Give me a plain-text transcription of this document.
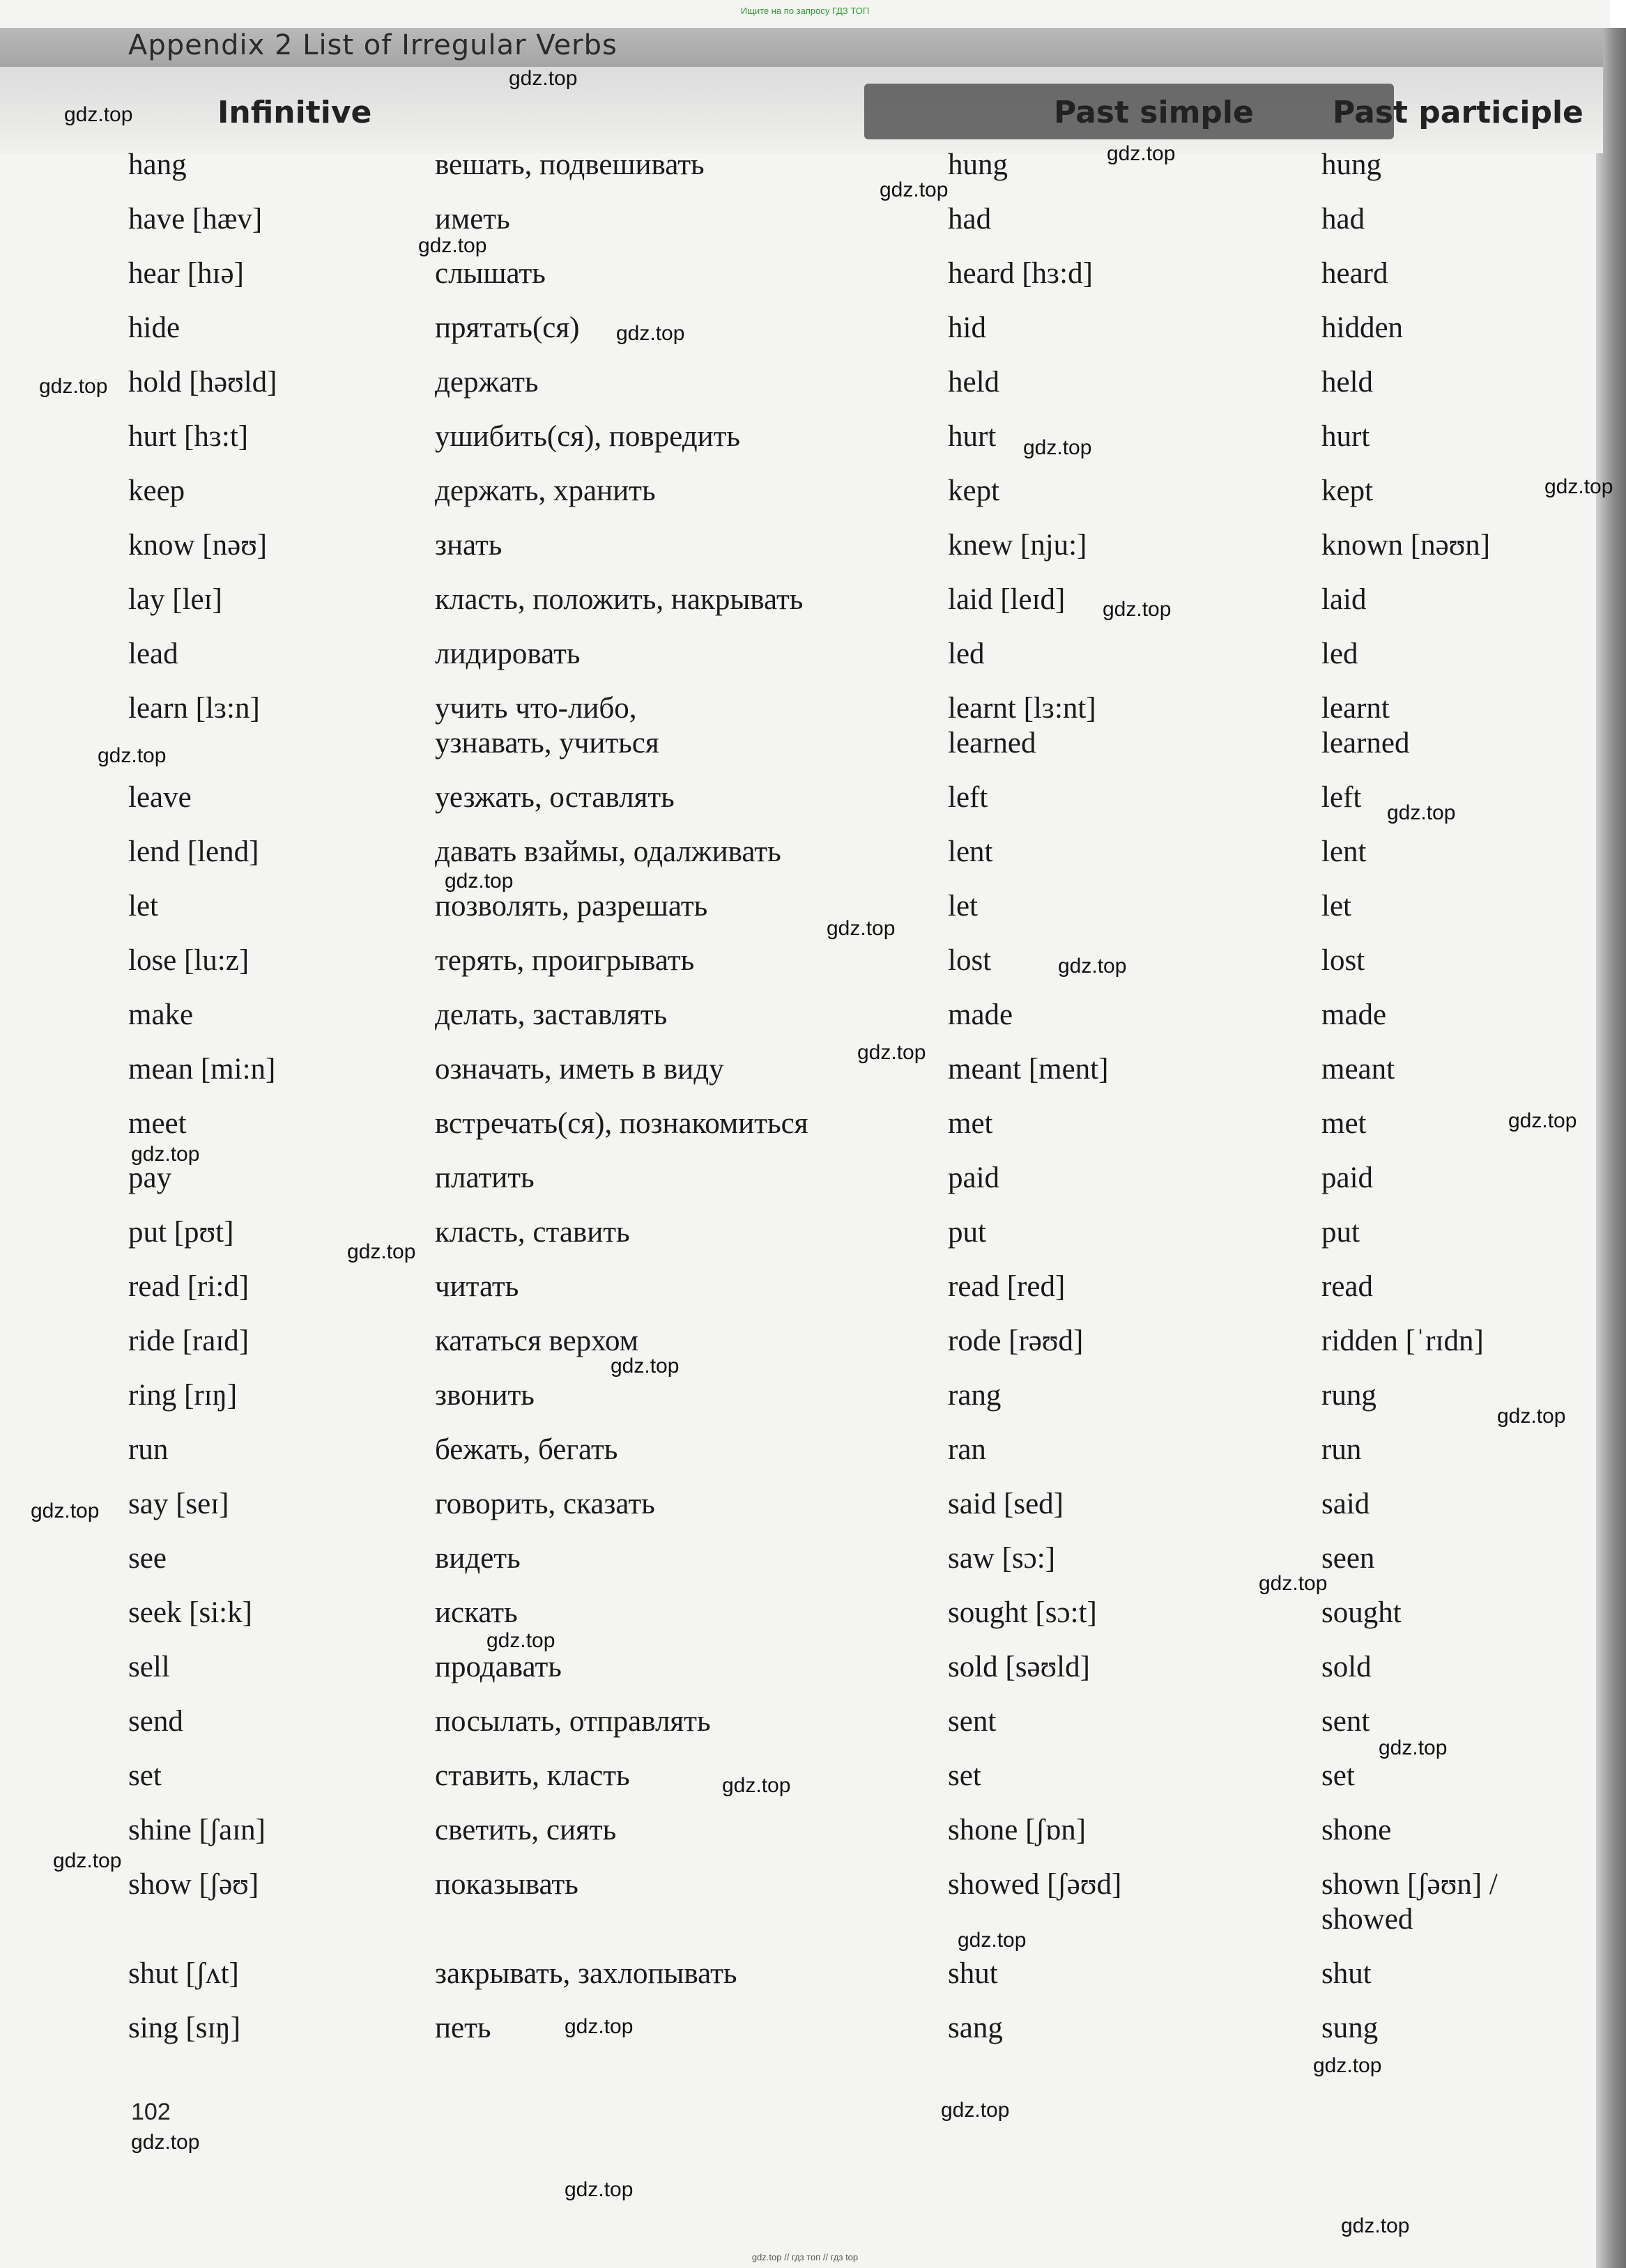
Ищите на по запросу ГДЗ ТОП
Appendix 2 List of Irregular Verbs
Infinitive	Past simple	Past participle
hang	вешать, подвешивать	hung	hung
have [hæv]	иметь	had	had
hear [hɪə]	слышать	heard [hɜ:d]	heard
hide	прятать(ся)	hid	hidden
hold [həʊld]	держать	held	held
hurt [hɜ:t]	ушибить(ся), повредить	hurt	hurt
keep	держать, хранить	kept	kept
know [nəʊ]	знать	knew [nju:]	known [nəʊn]
lay [leɪ]	класть, положить, накрывать	laid [leɪd]	laid
lead	лидировать	led	led
learn [lɜ:n]	учить что-либо,	learnt [lɜ:nt]	learnt
узнавать, учиться	learned	learned
leave	уезжать, оставлять	left	left
lend [lend]	давать взаймы, одалживать	lent	lent
let	позволять, разрешать	let	let
lose [lu:z]	терять, проигрывать	lost	lost
make	делать, заставлять	made	made
mean [mi:n]	означать, иметь в виду	meant [ment]	meant
meet	встречать(ся), познакомиться	met	met
pay	платить	paid	paid
put [pʊt]	класть, ставить	put	put
read [ri:d]	читать	read [red]	read
ride [raɪd]	кататься верхом	rode [rəʊd]	ridden [ˈrɪdn]
ring [rɪŋ]	звонить	rang	rung
run	бежать, бегать	ran	run
say [seɪ]	говорить, сказать	said [sed]	said
see	видеть	saw [sɔ:]	seen
seek [si:k]	искать	sought [sɔ:t]	sought
sell	продавать	sold [səʊld]	sold
send	посылать, отправлять	sent	sent
set	ставить, класть	set	set
shine [ʃaɪn]	светить, сиять	shone [ʃɒn]	shone
show [ʃəʊ]	показывать	showed [ʃəʊd]	shown [ʃəʊn] /
showed
shut [ʃʌt]	закрывать, захлопывать	shut	shut
sing [sɪŋ]	петь	sang	sung
102
gdz.top
gdz.top
gdz.top
gdz.top
gdz.top
gdz.top
gdz.top
gdz.top
gdz.top
gdz.top
gdz.top
gdz.top
gdz.top
gdz.top
gdz.top
gdz.top
gdz.top
gdz.top
gdz.top
gdz.top
gdz.top
gdz.top
gdz.top
gdz.top
gdz.top
gdz.top
gdz.top
gdz.top
gdz.top
gdz.top
gdz.top
gdz.top
gdz.top
gdz.top
gdz.top // гдз топ // гдз top
